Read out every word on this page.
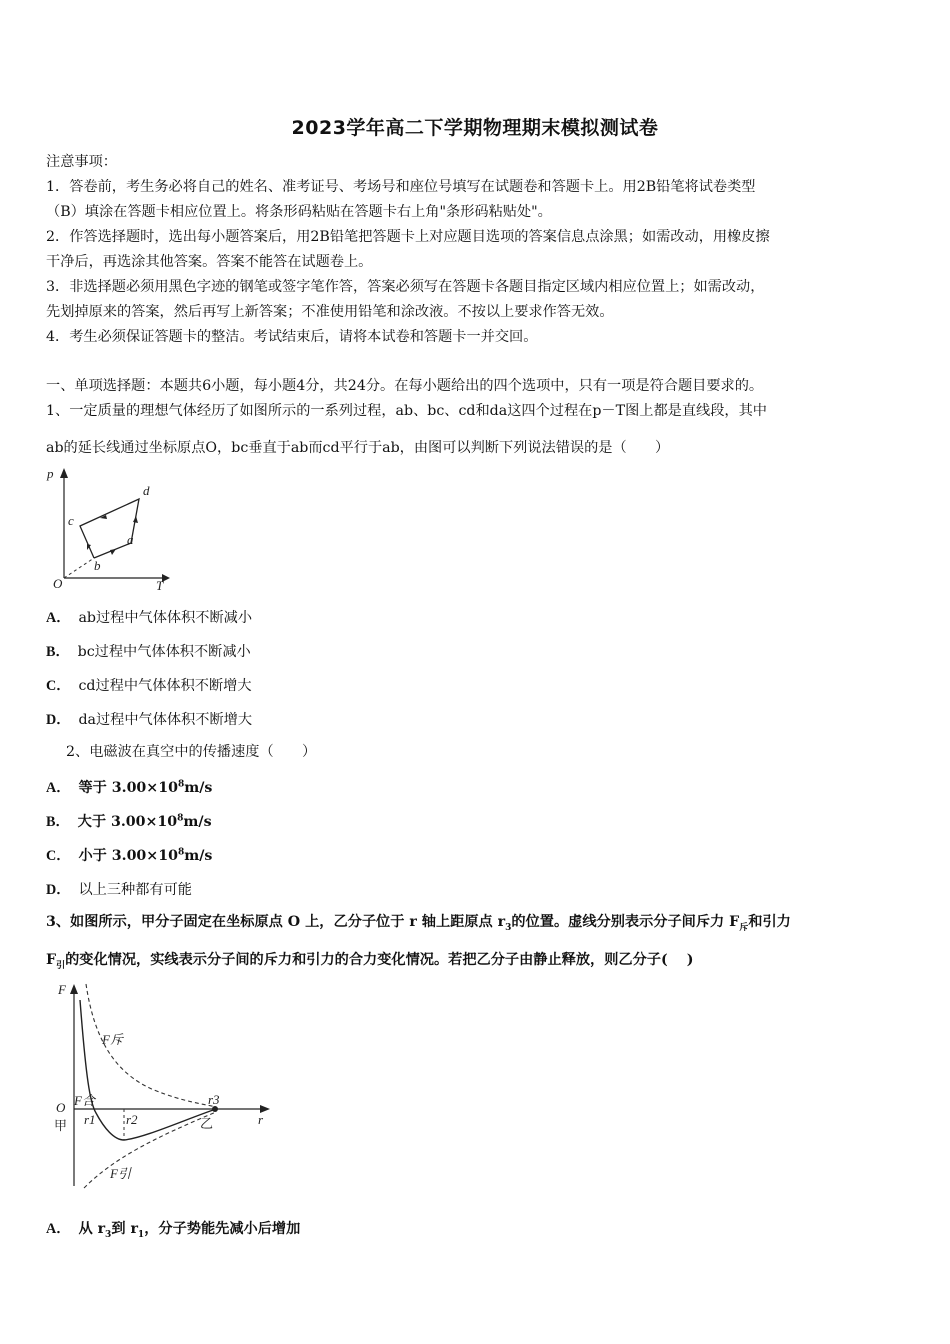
2023学年高二下学期物理期末模拟测试卷
注意事项：
1．答卷前，考生务必将自己的姓名、准考证号、考场号和座位号填写在试题卷和答题卡上。用2B铅笔将试卷类型
（B）填涂在答题卡相应位置上。将条形码粘贴在答题卡右上角"条形码粘贴处"。
2．作答选择题时，选出每小题答案后，用2B铅笔把答题卡上对应题目选项的答案信息点涂黑；如需改动，用橡皮擦
干净后，再选涂其他答案。答案不能答在试题卷上。
3．非选择题必须用黑色字迹的钢笔或签字笔作答，答案必须写在答题卡各题目指定区域内相应位置上；如需改动，
先划掉原来的答案，然后再写上新答案；不准使用铅笔和涂改液。不按以上要求作答无效。
4．考生必须保证答题卡的整洁。考试结束后，请将本试卷和答题卡一并交回。
一、单项选择题：本题共6小题，每小题4分，共24分。在每小题给出的四个选项中，只有一项是符合题目要求的。
1、一定质量的理想气体经历了如图所示的一系列过程，ab、bc、cd和da这四个过程在p－T图上都是直线段，其中
ab的延长线通过坐标原点O，bc垂直于ab而cd平行于ab，由图可以判断下列说法错误的是（　　）
p
T
O
a
b
c
d
A． ab过程中气体体积不断减小
B． bc过程中气体体积不断减小
C． cd过程中气体体积不断增大
D． da过程中气体体积不断增大
2、电磁波在真空中的传播速度（　　）
A． 等于 $3.00\times 10^8m/s$
B． 大于 $3.00\times 10^8m/s$
C． 小于 $3.00\times 10^8m/s$
D． 以上三种都有可能
3、如图所示，甲分子固定在坐标原点 O 上，乙分子位于 r 轴上距原点 $r_3$的位置。虚线分别表示分子间斥力 $F_斥$和引力
$F_引$的变化情况，实线表示分子间的斥力和引力的合力变化情况。若把乙分子由静止释放，则乙分子(　 )
F
F斥
F合
F引
O
甲	乙	r
r1 r2
r3
A． 从 $r_3$到 $r_1$，分子势能先减小后增加
